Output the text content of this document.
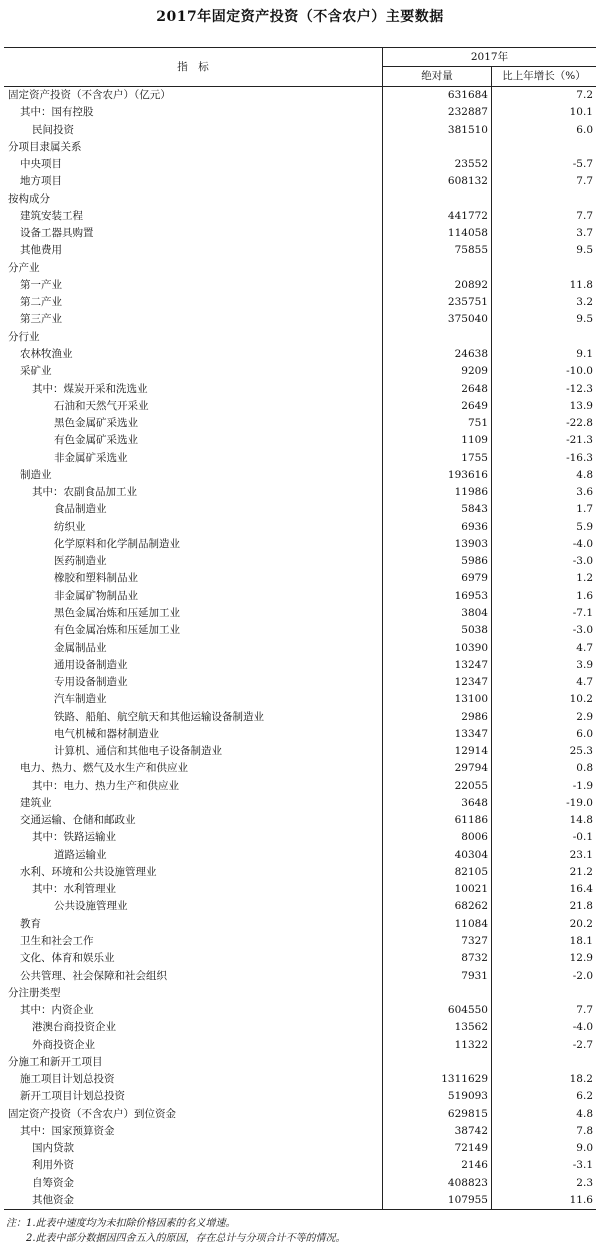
2017年固定资产投资（不含农户）主要数据
指　标
2017年
绝对量	比上年增长（%）
固定资产投资（不含农户）（亿元）	631684	7.2
其中：国有控股	232887	10.1
民间投资	381510	6.0
分项目隶属关系
中央项目	23552	-5.7
地方项目	608132	7.7
按构成分
建筑安装工程	441772	7.7
设备工器具购置	114058	3.7
其他费用	75855	9.5
分产业
第一产业	20892	11.8
第二产业	235751	3.2
第三产业	375040	9.5
分行业
农林牧渔业	24638	9.1
采矿业	9209	-10.0
其中：煤炭开采和洗选业	2648	-12.3
石油和天然气开采业	2649	13.9
黑色金属矿采选业	751	-22.8
有色金属矿采选业	1109	-21.3
非金属矿采选业	1755	-16.3
制造业	193616	4.8
其中：农副食品加工业	11986	3.6
食品制造业	5843	1.7
纺织业	6936	5.9
化学原料和化学制品制造业	13903	-4.0
医药制造业	5986	-3.0
橡胶和塑料制品业	6979	1.2
非金属矿物制品业	16953	1.6
黑色金属冶炼和压延加工业	3804	-7.1
有色金属冶炼和压延加工业	5038	-3.0
金属制品业	10390	4.7
通用设备制造业	13247	3.9
专用设备制造业	12347	4.7
汽车制造业	13100	10.2
铁路、船舶、航空航天和其他运输设备制造业	2986	2.9
电气机械和器材制造业	13347	6.0
计算机、通信和其他电子设备制造业	12914	25.3
电力、热力、燃气及水生产和供应业	29794	0.8
其中：电力、热力生产和供应业	22055	-1.9
建筑业	3648	-19.0
交通运输、仓储和邮政业	61186	14.8
其中：铁路运输业	8006	-0.1
道路运输业	40304	23.1
水利、环境和公共设施管理业	82105	21.2
其中：水利管理业	10021	16.4
公共设施管理业	68262	21.8
教育	11084	20.2
卫生和社会工作	7327	18.1
文化、体育和娱乐业	8732	12.9
公共管理、社会保障和社会组织	7931	-2.0
分注册类型
其中：内资企业	604550	7.7
港澳台商投资企业	13562	-4.0
外商投资企业	11322	-2.7
分施工和新开工项目
施工项目计划总投资	1311629	18.2
新开工项目计划总投资	519093	6.2
固定资产投资（不含农户）到位资金	629815	4.8
其中：国家预算资金	38742	7.8
国内贷款	72149	9.0
利用外资	2146	-3.1
自筹资金	408823	2.3
其他资金	107955	11.6
注：1.此表中速度均为未扣除价格因素的名义增速。
　　2.此表中部分数据因四舍五入的原因，存在总计与分项合计不等的情况。
